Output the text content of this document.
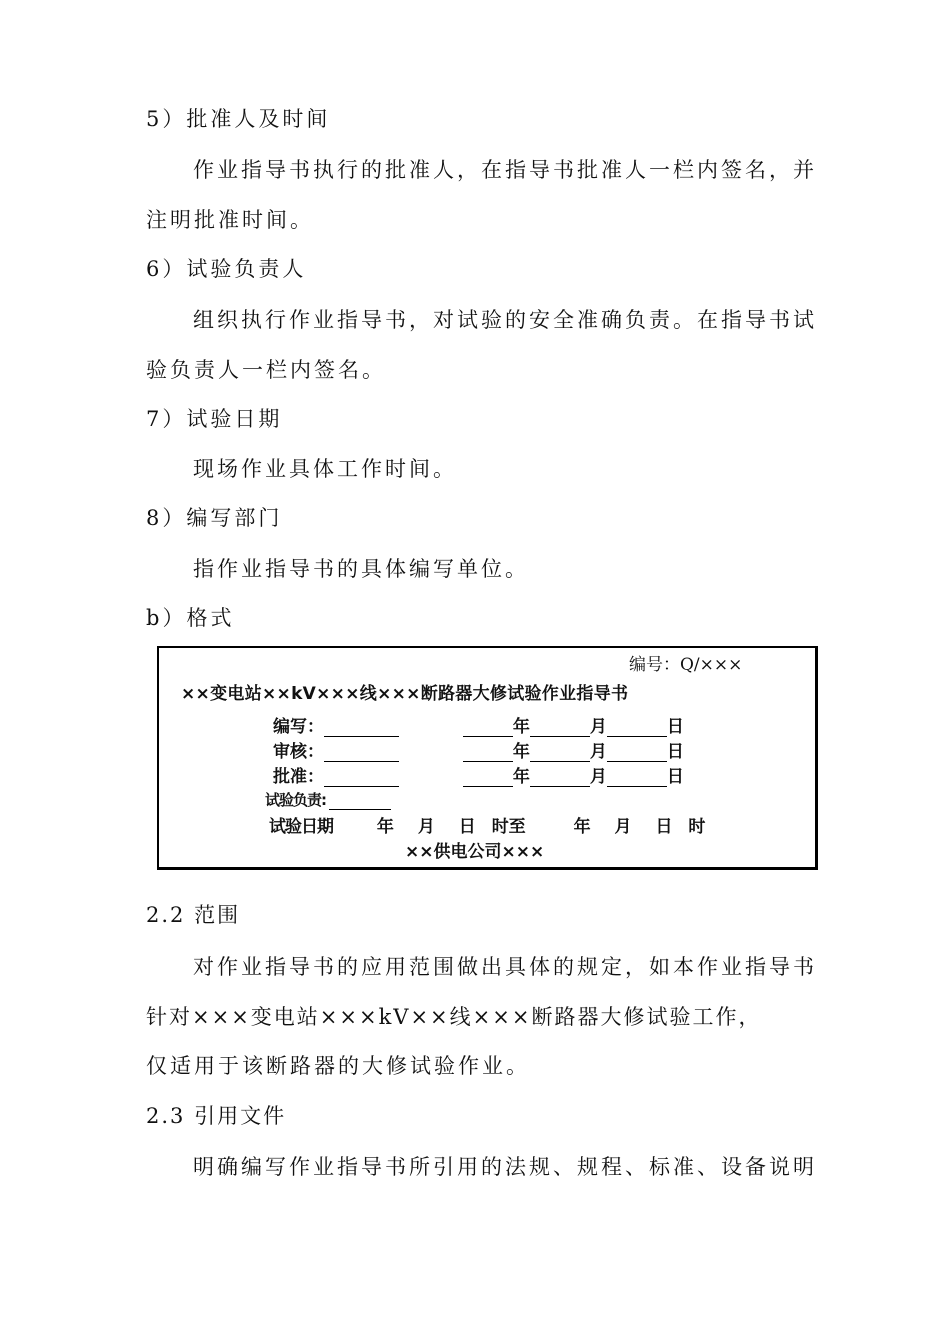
5）批准人及时间
作业指导书执行的批准人，在指导书批准人一栏内签名，并
注明批准时间。
6）试验负责人
组织执行作业指导书，对试验的安全准确负责。在指导书试
验负责人一栏内签名。
7）试验日期
现场作业具体工作时间。
8）编写部门
指作业指导书的具体编写单位。
b）格式
编号：Q/×××
××变电站××kV×××线×××断路器大修试验作业指导书
编写：	年	月	日
审核：	年	月	日
批准：	年	月	日
试验负责:
试验日期	年 月 日 时至	年 月 日 时
××供电公司×××
2.2 范围
对作业指导书的应用范围做出具体的规定，如本作业指导书
针对×××变电站×××kV××线×××断路器大修试验工作，
仅适用于该断路器的大修试验作业。
2.3 引用文件
明确编写作业指导书所引用的法规、规程、标准、设备说明
